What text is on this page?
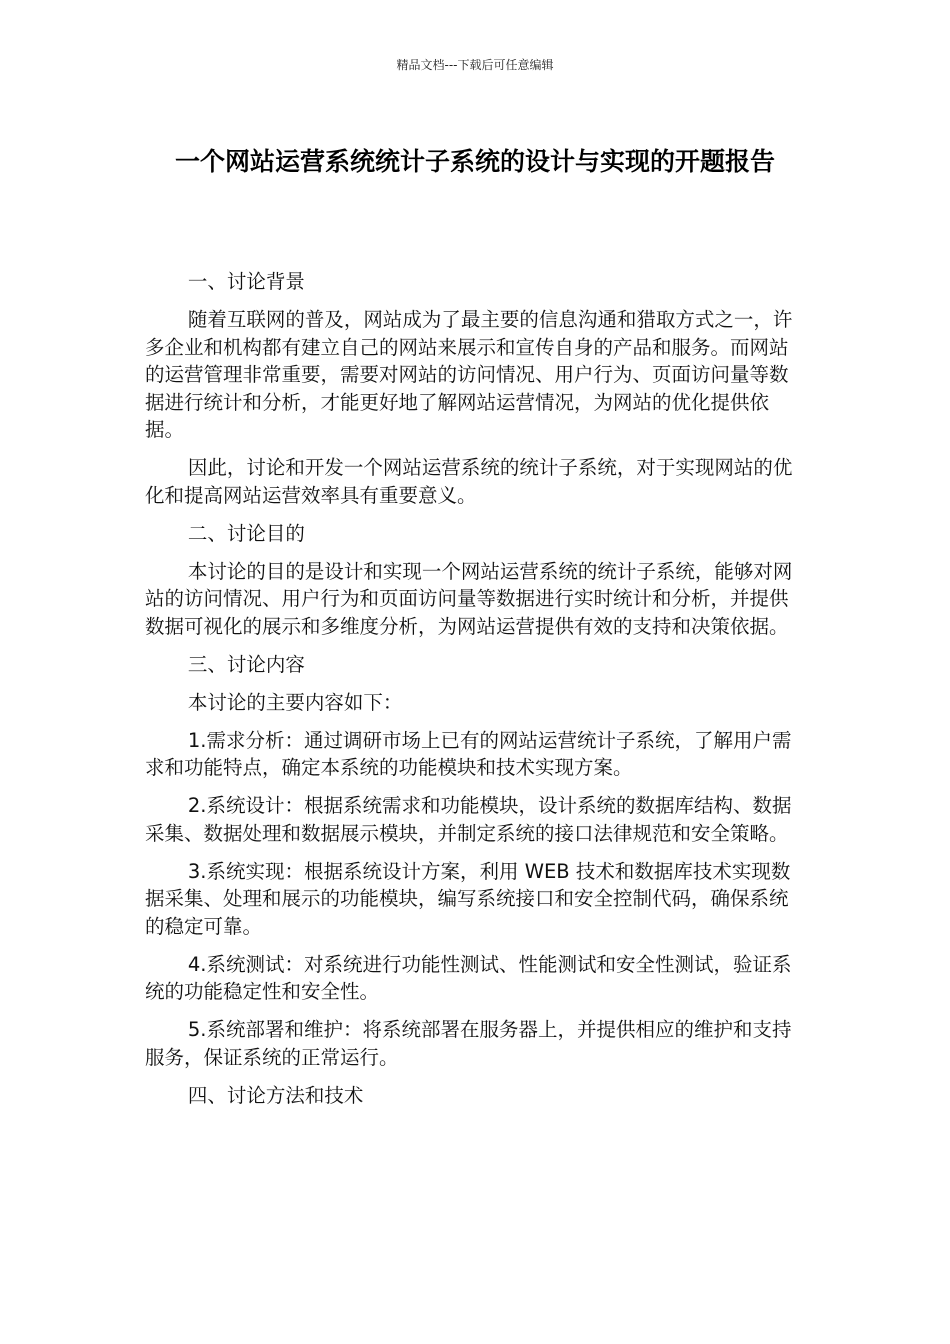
精品文档---下载后可任意编辑
一个网站运营系统统计子系统的设计与实现的开题报告

一、讨论背景

随着互联网的普及，网站成为了最主要的信息沟通和猎取方式之一，许多企业和机构都有建立自己的网站来展示和宣传自身的产品和服务。而网站的运营管理非常重要，需要对网站的访问情况、用户行为、页面访问量等数据进行统计和分析，才能更好地了解网站运营情况，为网站的优化提供依据。

因此，讨论和开发一个网站运营系统的统计子系统，对于实现网站的优化和提高网站运营效率具有重要意义。

二、讨论目的

本讨论的目的是设计和实现一个网站运营系统的统计子系统，能够对网站的访问情况、用户行为和页面访问量等数据进行实时统计和分析，并提供数据可视化的展示和多维度分析，为网站运营提供有效的支持和决策依据。

三、讨论内容

本讨论的主要内容如下：

1.需求分析：通过调研市场上已有的网站运营统计子系统，了解用户需求和功能特点，确定本系统的功能模块和技术实现方案。

2.系统设计：根据系统需求和功能模块，设计系统的数据库结构、数据采集、数据处理和数据展示模块，并制定系统的接口法律规范和安全策略。

3.系统实现：根据系统设计方案，利用 WEB 技术和数据库技术实现数据采集、处理和展示的功能模块，编写系统接口和安全控制代码，确保系统的稳定可靠。

4.系统测试：对系统进行功能性测试、性能测试和安全性测试，验证系统的功能稳定性和安全性。

5.系统部署和维护：将系统部署在服务器上，并提供相应的维护和支持服务，保证系统的正常运行。

四、讨论方法和技术
